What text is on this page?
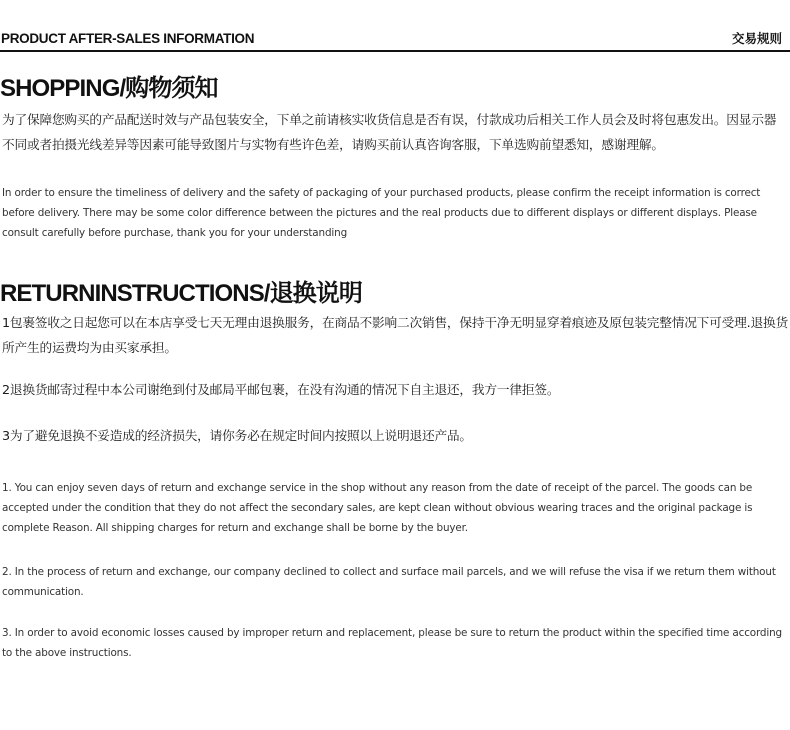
PRODUCT AFTER-SALES INFORMATION	交易规则
SHOPPING/购物须知

为了保障您购买的产品配送时效与产品包装安全，下单之前请核实收货信息是否有误，付款成功后相关工作人员会及时将包惠发出。因显示器不同或者拍摄光线差异等因素可能导致图片与实物有些许色差，请购买前认真咨询客服，下单选购前望悉知，感谢理解。

In order to ensure the timeliness of delivery and the safety of packaging of your purchased products, please confirm the receipt information is correct before delivery. There may be some color difference between the pictures and the real products due to different displays or different displays. Please consult carefully before purchase, thank you for your understanding

RETURNINSTRUCTIONS/退换说明

1包裹签收之日起您可以在本店享受七天无理由退换服务，在商品不影响二次销售，保持干净无明显穿着痕迹及原包装完整情况下可受理.退换货所产生的运费均为由买家承担。

2退换货邮寄过程中本公司谢绝到付及邮局平邮包裹，在没有沟通的情况下自主退还，我方一律拒签。

3为了避免退换不妥造成的经济损失，请你务必在规定时间内按照以上说明退还产品。

1. You can enjoy seven days of return and exchange service in the shop without any reason from the date of receipt of the parcel. The goods can be accepted under the condition that they do not affect the secondary sales, are kept clean without obvious wearing traces and the original package is complete Reason. All shipping charges for return and exchange shall be borne by the buyer.

2. In the process of return and exchange, our company declined to collect and surface mail parcels, and we will refuse the visa if we return them without communication.

3. In order to avoid economic losses caused by improper return and replacement, please be sure to return the product within the specified time according to the above instructions.
